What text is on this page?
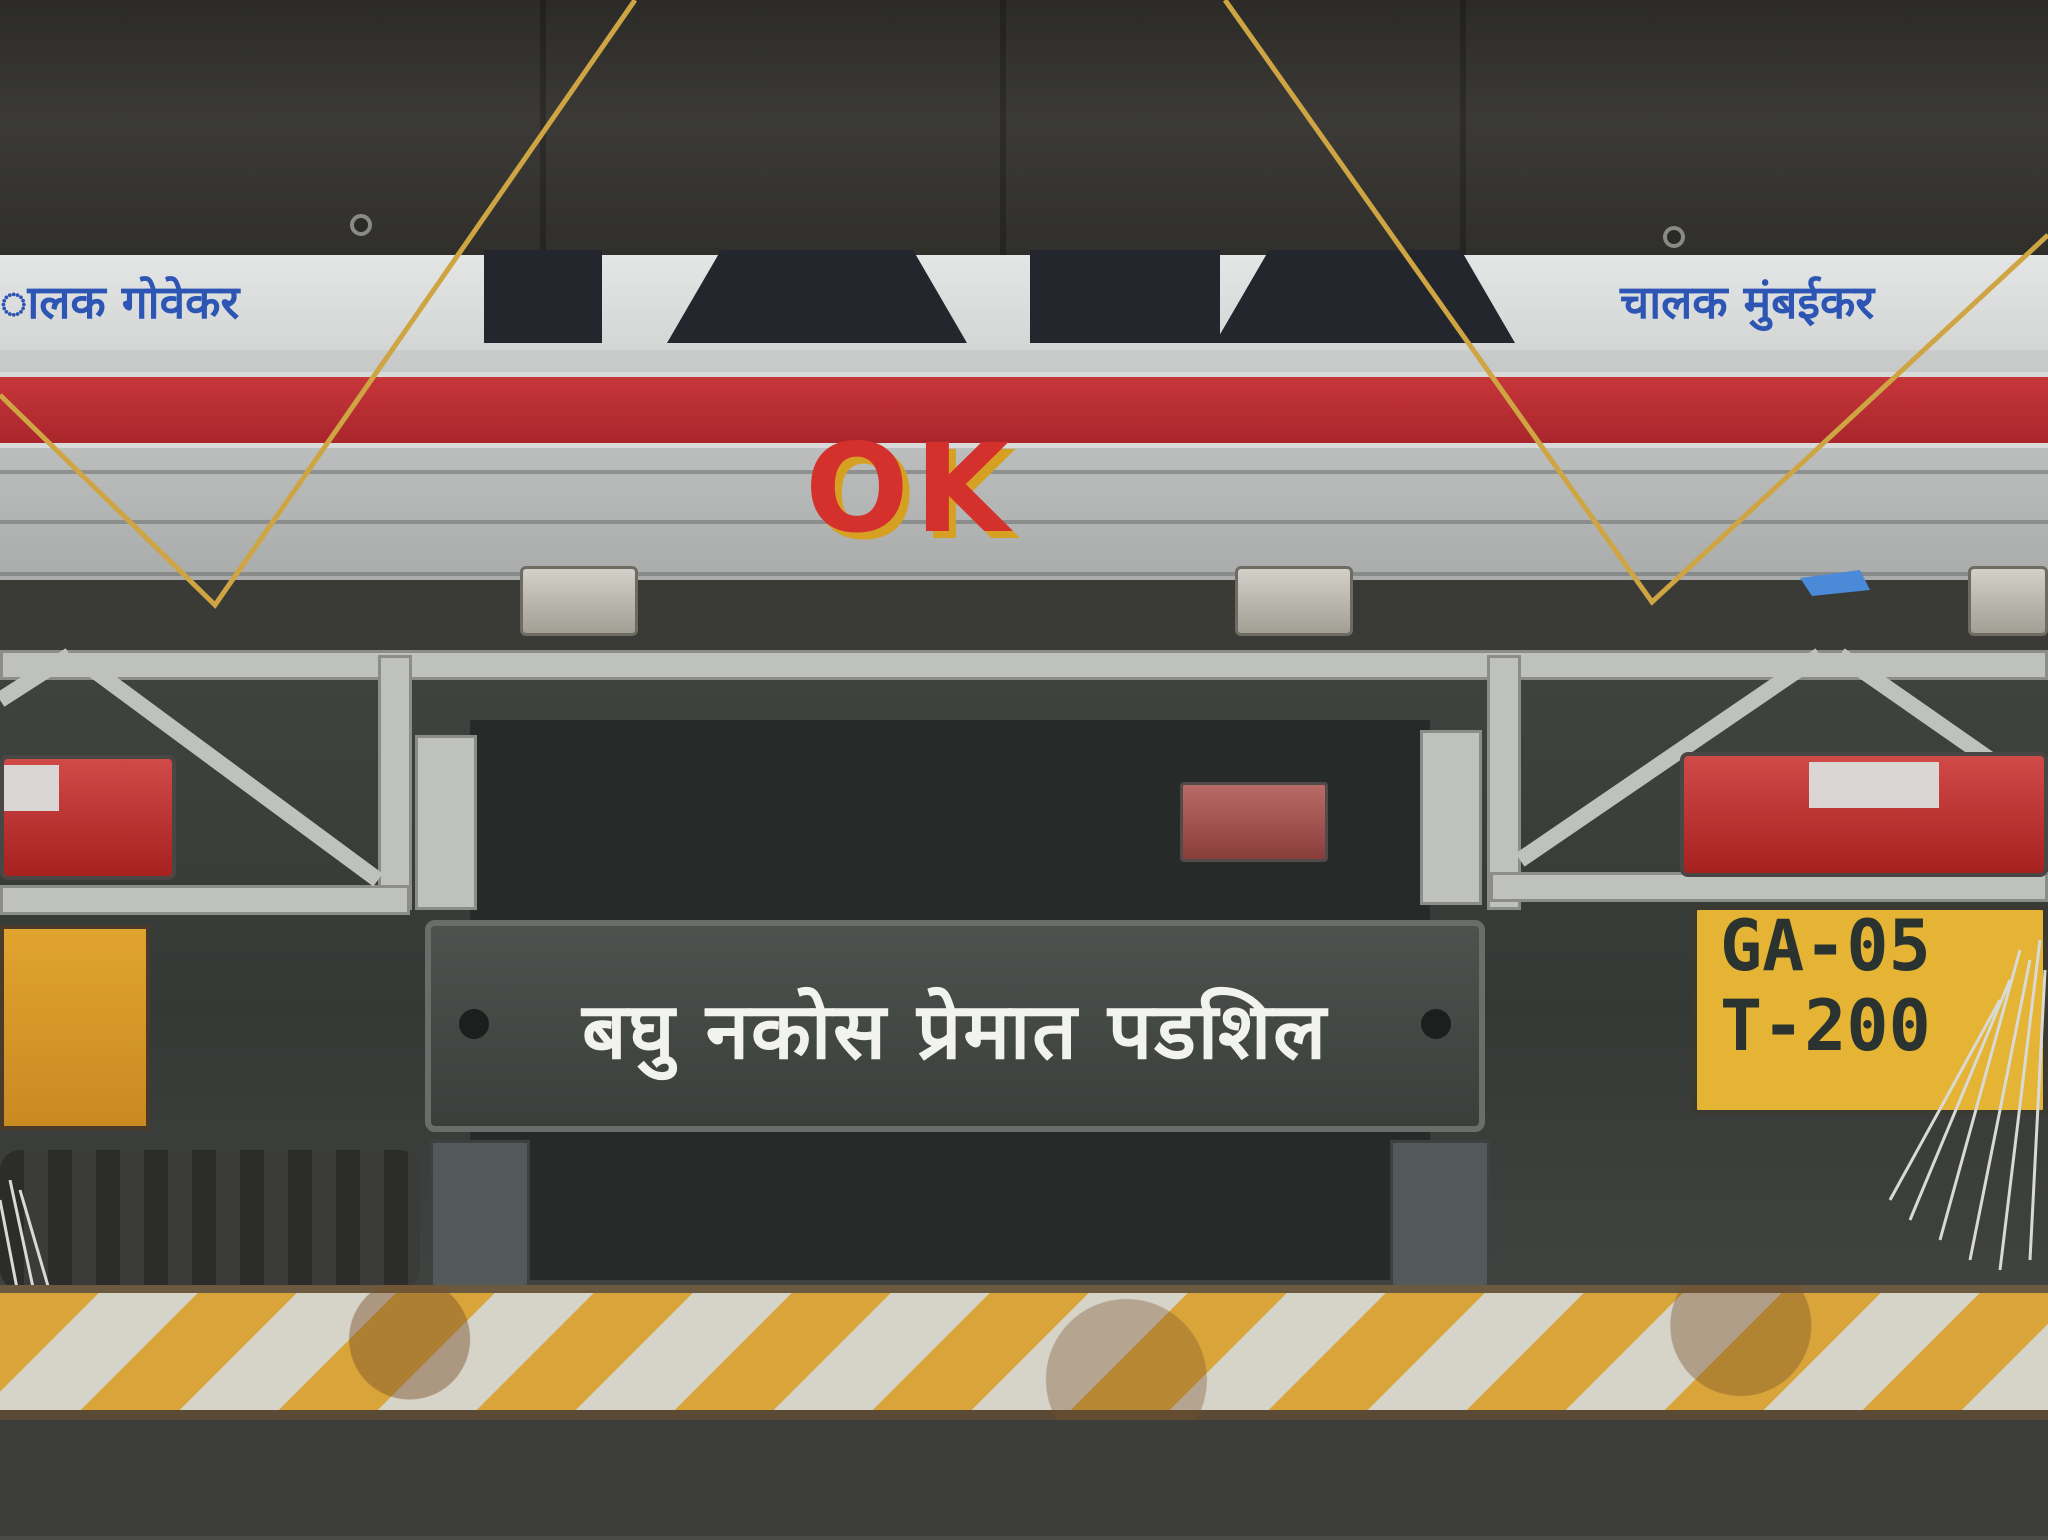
ालक गोवेकर	चालक मुंबईकर
OK
बघु नकोस प्रेमात पडशिल
GA-05
T-200
